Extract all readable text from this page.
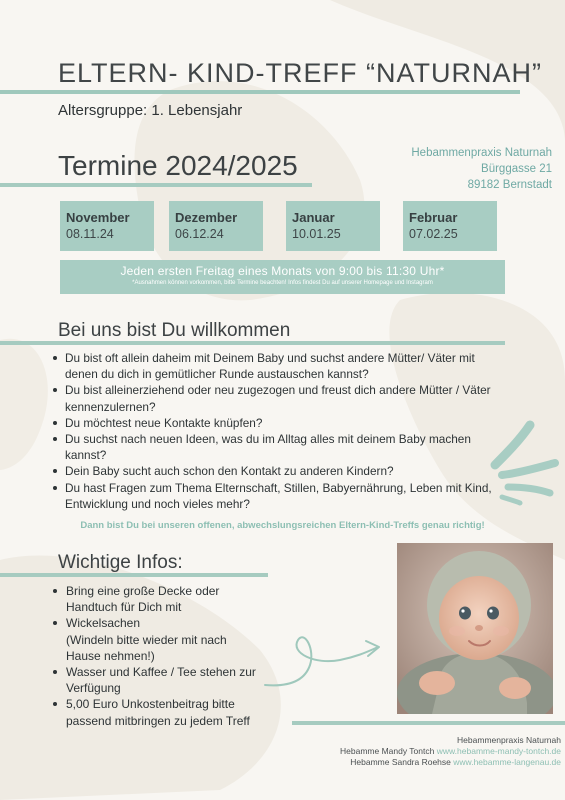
ELTERN- KIND-TREFF “NATURNAH”
Altersgruppe: 1. Lebensjahr
Termine 2024/2025	Hebammenpraxis Naturnah
Bürggasse 21
89182 Bernstadt
November
08.11.24
Dezember
06.12.24
Januar
10.01.25
Februar
07.02.25
Jeden ersten Freitag eines Monats von 9:00 bis 11:30 Uhr*
*Ausnahmen können vorkommen, bitte Termine beachten! Infos findest Du auf unserer Homepage und Instagram
Bei uns bist Du willkommen
Du bist oft allein daheim mit Deinem Baby und suchst andere Mütter/ Väter mit denen du dich in gemütlicher Runde austauschen kannst?
Du bist alleinerziehend oder neu zugezogen und freust dich andere Mütter / Väter kennenzulernen?
Du möchtest neue Kontakte knüpfen?
Du suchst nach neuen Ideen, was du im Alltag alles mit deinem Baby machen kannst?
Dein Baby sucht auch schon den Kontakt zu anderen Kindern?
Du hast Fragen zum Thema Elternschaft, Stillen, Babyernährung, Leben mit Kind, Entwicklung und noch vieles mehr?
Dann bist Du bei unseren offenen, abwechslungsreichen Eltern-Kind-Treffs genau richtig!
Wichtige Infos:
Bring eine große Decke oder Handtuch für Dich mit
Wickelsachen
(Windeln bitte wieder mit nach Hause nehmen!)
Wasser und Kaffee / Tee stehen zur Verfügung
5,00 Euro Unkostenbeitrag bitte passend mitbringen zu jedem Treff
Hebammenpraxis Naturnah
Hebamme Mandy Tontch www.hebamme-mandy-tontch.de
Hebamme Sandra Roehse www.hebamme-langenau.de
